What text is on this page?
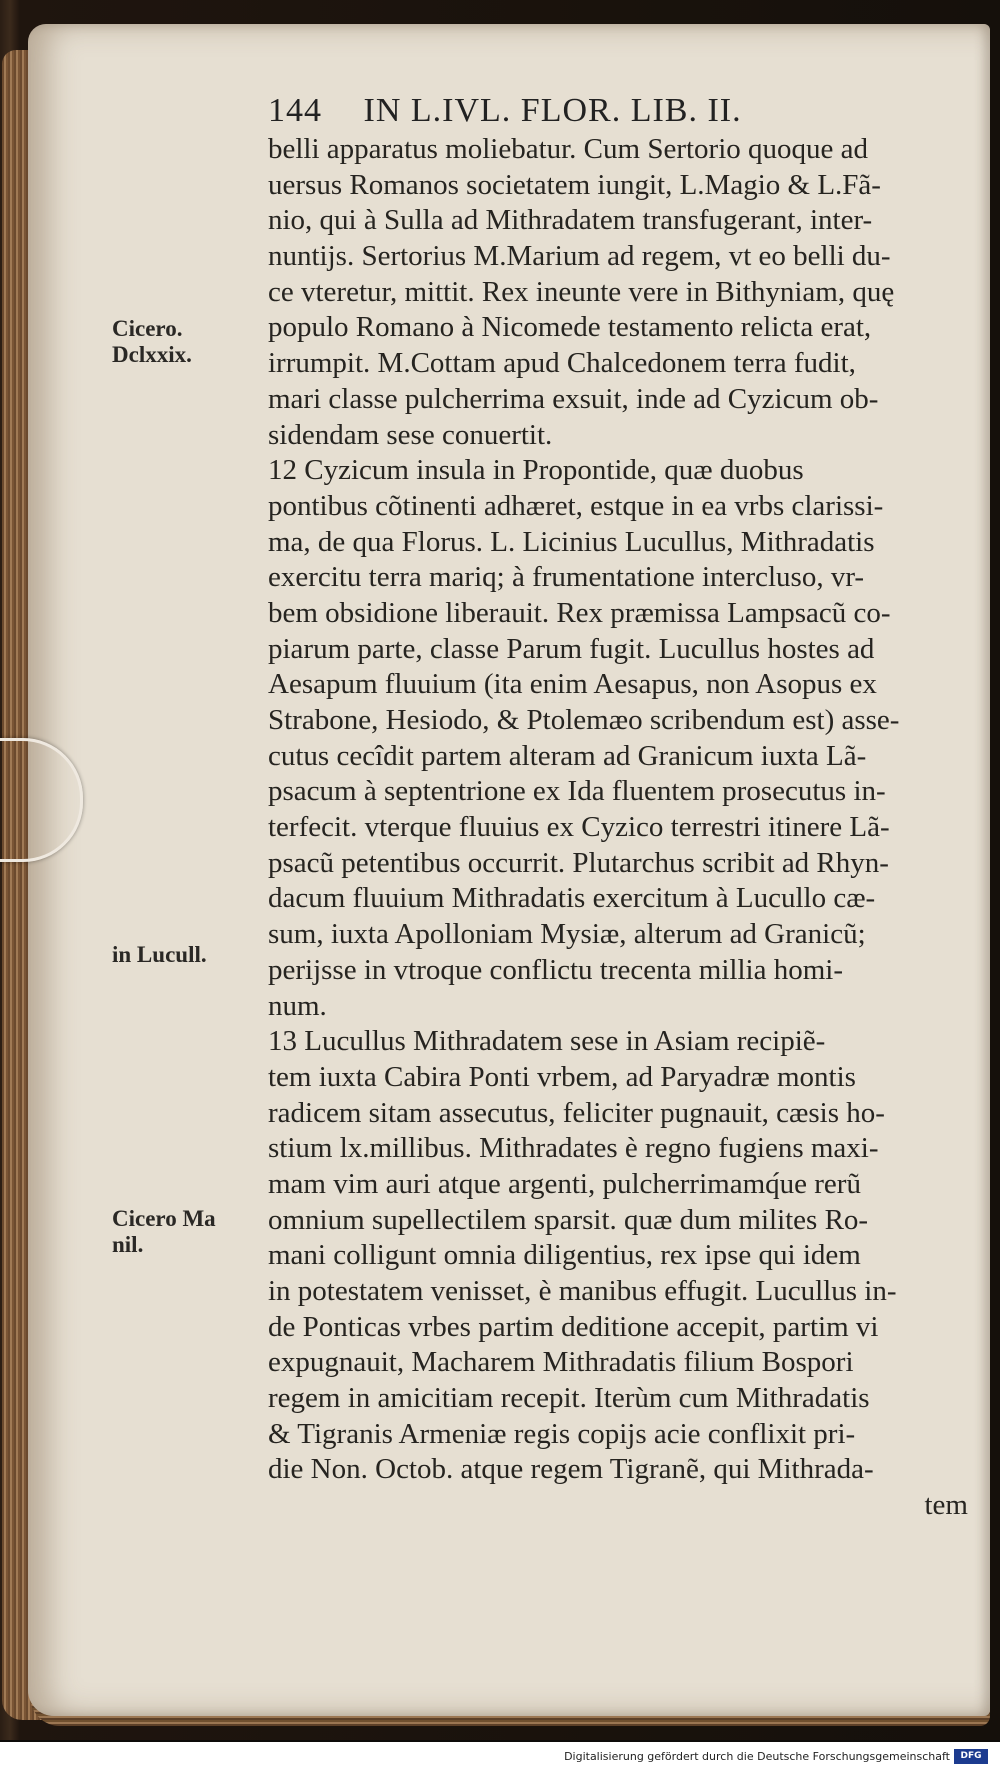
144 IN L.IVL. FLOR. LIB. II.
Cicero.
Dclxxix.
in Lucull.
Cicero Ma
nil.
belli apparatus moliebatur. Cum Sertorio quoque ad
uersus Romanos societatem iungit, L.Magio & L.Fã-
nio, qui à Sulla ad Mithradatem transfugerant, inter-
nuntijs. Sertorius M.Marium ad regem, vt eo belli du-
ce vteretur, mittit. Rex ineunte vere in Bithyniam, quę
populo Romano à Nicomede testamento relicta erat,
irrumpit. M.Cottam apud Chalcedonem terra fudit,
mari classe pulcherrima exsuit, inde ad Cyzicum ob-
sidendam sese conuertit.
12 Cyzicum insula in Propontide, quæ duobus
pontibus cõtinenti adhæret, estque in ea vrbs clarissi-
ma, de qua Florus. L. Licinius Lucullus, Mithradatis
exercitu terra mariq; à frumentatione intercluso, vr-
bem obsidione liberauit. Rex præmissa Lampsacũ co-
piarum parte, classe Parum fugit. Lucullus hostes ad
Aesapum fluuium (ita enim Aesapus, non Asopus ex
Strabone, Hesiodo, & Ptolemæo scribendum est) asse-
cutus cecîdit partem alteram ad Granicum iuxta Lã-
psacum à septentrione ex Ida fluentem prosecutus in-
terfecit. vterque fluuius ex Cyzico terrestri itinere Lã-
psacũ petentibus occurrit. Plutarchus scribit ad Rhyn-
dacum fluuium Mithradatis exercitum à Lucullo cæ-
sum, iuxta Apolloniam Mysiæ, alterum ad Granicũ;
perijsse in vtroque conflictu trecenta millia homi-
num.
13 Lucullus Mithradatem sese in Asiam recipiẽ-
tem iuxta Cabira Ponti vrbem, ad Paryadræ montis
radicem sitam assecutus, feliciter pugnauit, cæsis ho-
stium lx.millibus. Mithradates è regno fugiens maxi-
mam vim auri atque argenti, pulcherrimamq́ue rerũ
omnium supellectilem sparsit. quæ dum milites Ro-
mani colligunt omnia diligentius, rex ipse qui idem
in potestatem venisset, è manibus effugit. Lucullus in-
de Ponticas vrbes partim deditione accepit, partim vi
expugnauit, Macharem Mithradatis filium Bospori
regem in amicitiam recepit. Iterùm cum Mithradatis
& Tigranis Armeniæ regis copijs acie conflixit pri-
die Non. Octob. atque regem Tigranẽ, qui Mithrada-
tem
Digitalisierung gefördert durch die Deutsche Forschungsgemeinschaft	DFG
